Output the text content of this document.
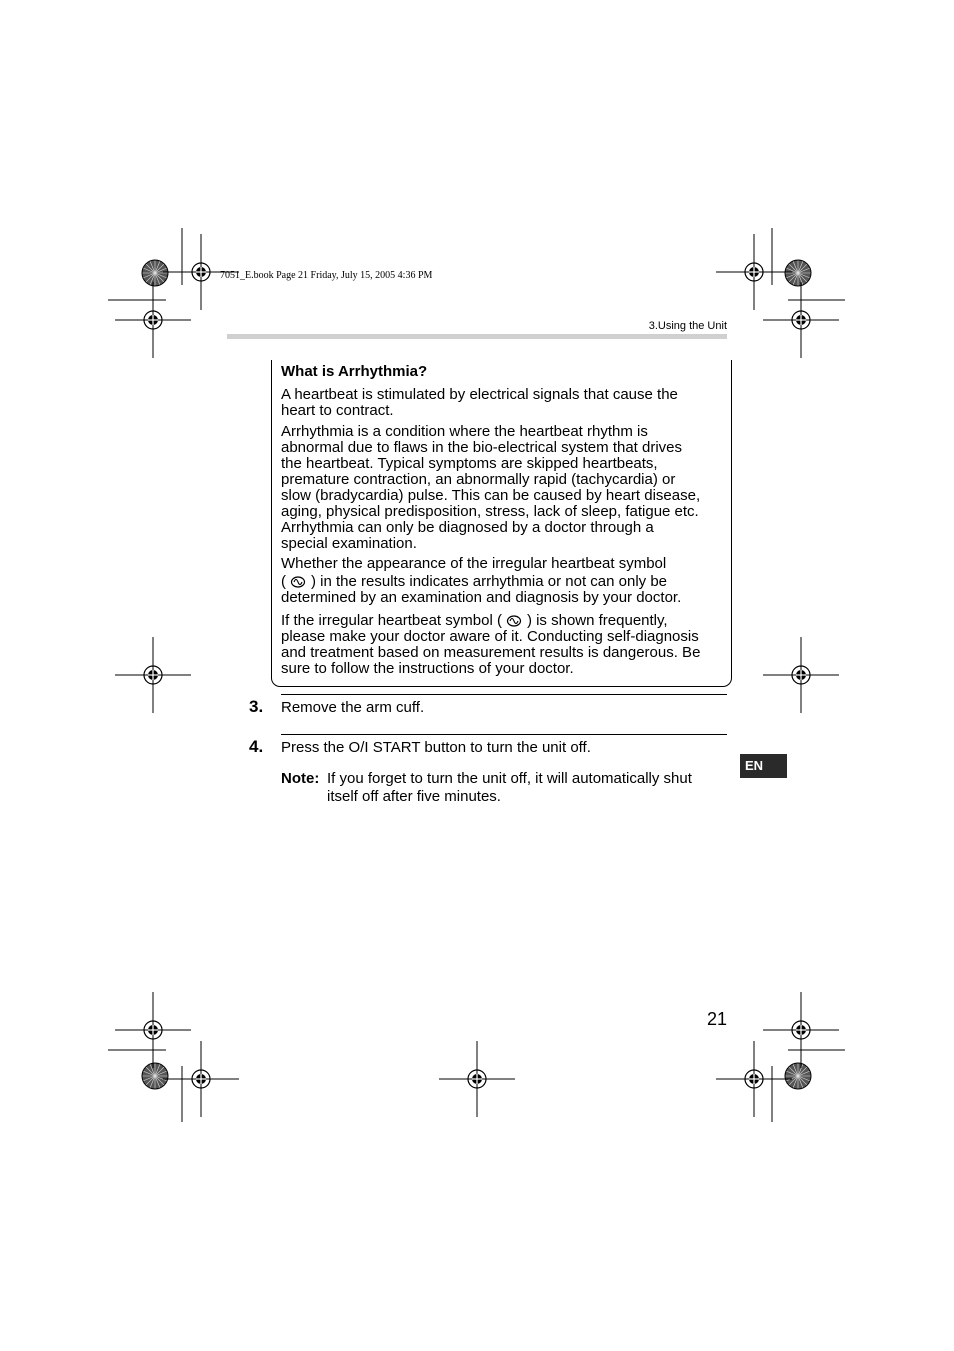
7051_E.book Page 21 Friday, July 15, 2005 4:36 PM
3.Using the Unit
What is Arrhythmia?
A heartbeat is stimulated by electrical signals that cause the
heart to contract.
Arrhythmia is a condition where the heartbeat rhythm is
abnormal due to flaws in the bio-electrical system that drives
the heartbeat. Typical symptoms are skipped heartbeats,
premature contraction, an abnormally rapid (tachycardia) or
slow (bradycardia) pulse. This can be caused by heart disease,
aging, physical predisposition, stress, lack of sleep, fatigue etc.
Arrhythmia can only be diagnosed by a doctor through a
special examination.
Whether the appearance of the irregular heartbeat symbol
( ) in the results indicates arrhythmia or not can only be
determined by an examination and diagnosis by your doctor.
If the irregular heartbeat symbol ( ) is shown frequently,
please make your doctor aware of it. Conducting self-diagnosis
and treatment based on measurement results is dangerous. Be
sure to follow the instructions of your doctor.
3. Remove the arm cuff.
4. Press the O/I START button to turn the unit off.
Note: If you forget to turn the unit off, it will automatically shut
itself off after five minutes.
EN
21
